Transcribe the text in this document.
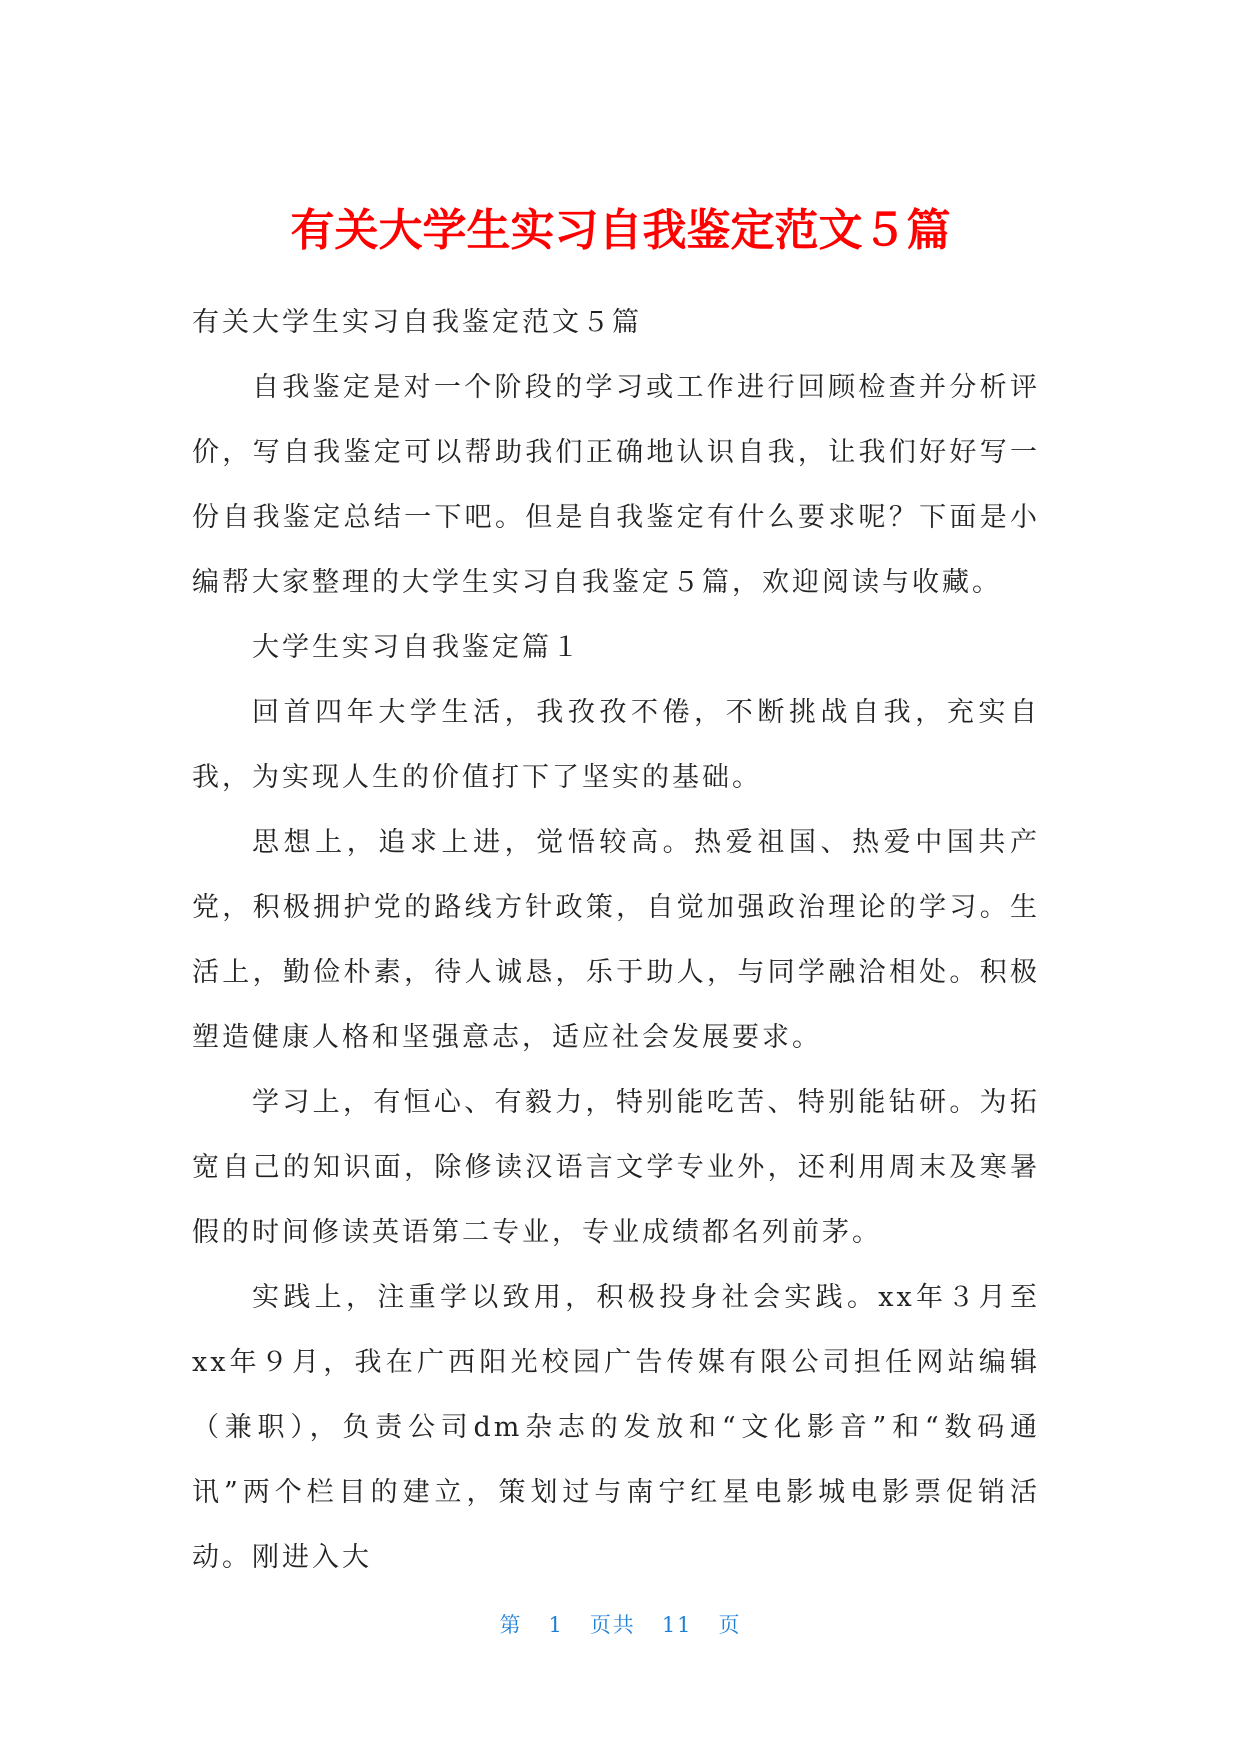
有关大学生实习自我鉴定范文５篇

有关大学生实习自我鉴定范文５篇

自我鉴定是对一个阶段的学习或工作进行回顾检查并分析评价，写自我鉴定可以帮助我们正确地认识自我，让我们好好写一份自我鉴定总结一下吧。但是自我鉴定有什么要求呢？下面是小编帮大家整理的大学生实习自我鉴定５篇，欢迎阅读与收藏。

大学生实习自我鉴定篇１

回首四年大学生活，我孜孜不倦，不断挑战自我，充实自我，为实现人生的价值打下了坚实的基础。

思想上，追求上进，觉悟较高。热爱祖国、热爱中国共产党，积极拥护党的路线方针政策，自觉加强政治理论的学习。生活上，勤俭朴素，待人诚恳，乐于助人，与同学融洽相处。积极塑造健康人格和坚强意志，适应社会发展要求。

学习上，有恒心、有毅力，特别能吃苦、特别能钻研。为拓宽自己的知识面，除修读汉语言文学专业外，还利用周末及寒暑假的时间修读英语第二专业，专业成绩都名列前茅。

实践上，注重学以致用，积极投身社会实践。xx年３月至xx年９月，我在广西阳光校园广告传媒有限公司担任网站编辑（兼职），负责公司dm杂志的发放和“文化影音”和“数码通讯”两个栏目的建立，策划过与南宁红星电影城电影票促销活动。刚进入大

第 1 页共 11 页
